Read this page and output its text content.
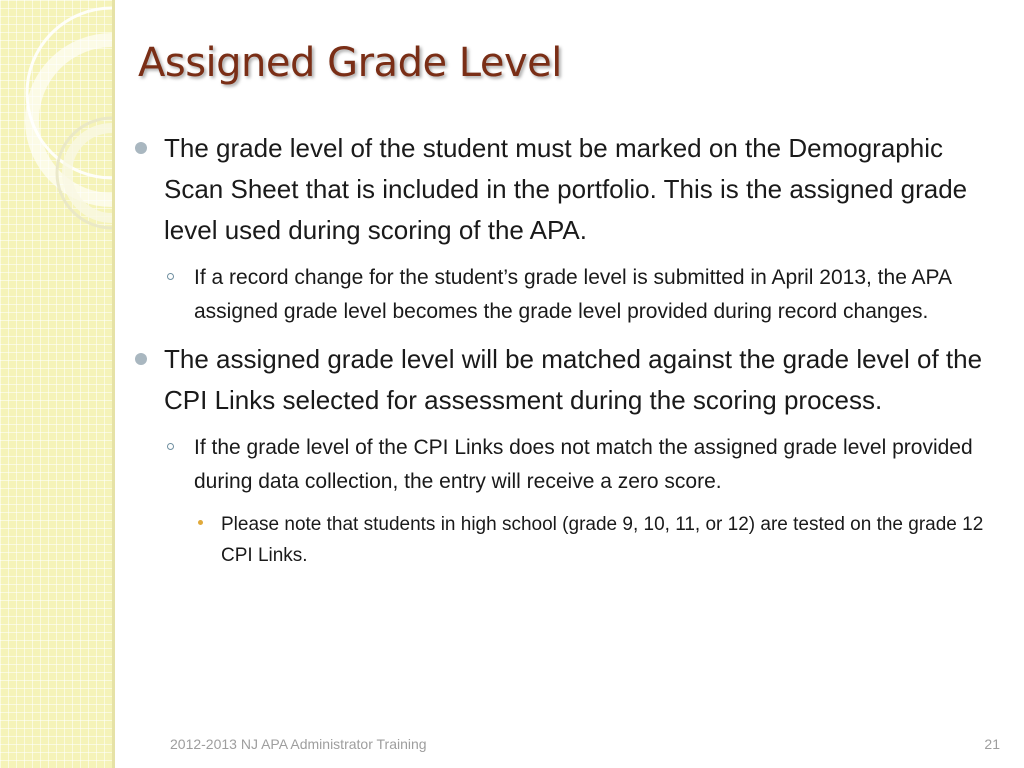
Assigned Grade Level
The grade level of the student must be marked on the Demographic Scan Sheet that is included in the portfolio. This is the assigned grade level used during scoring of the APA.
If a record change for the student’s grade level is submitted in April 2013, the APA assigned grade level becomes the grade level provided during record changes.
The assigned grade level will be matched against the grade level of the CPI Links selected for assessment during the scoring process.
If the grade level of the CPI Links does not match the assigned grade level provided during data collection, the entry will receive a zero score.
Please note that students in high school (grade 9, 10, 11, or 12) are tested on the grade 12 CPI Links.
2012-2013 NJ APA Administrator Training	21
